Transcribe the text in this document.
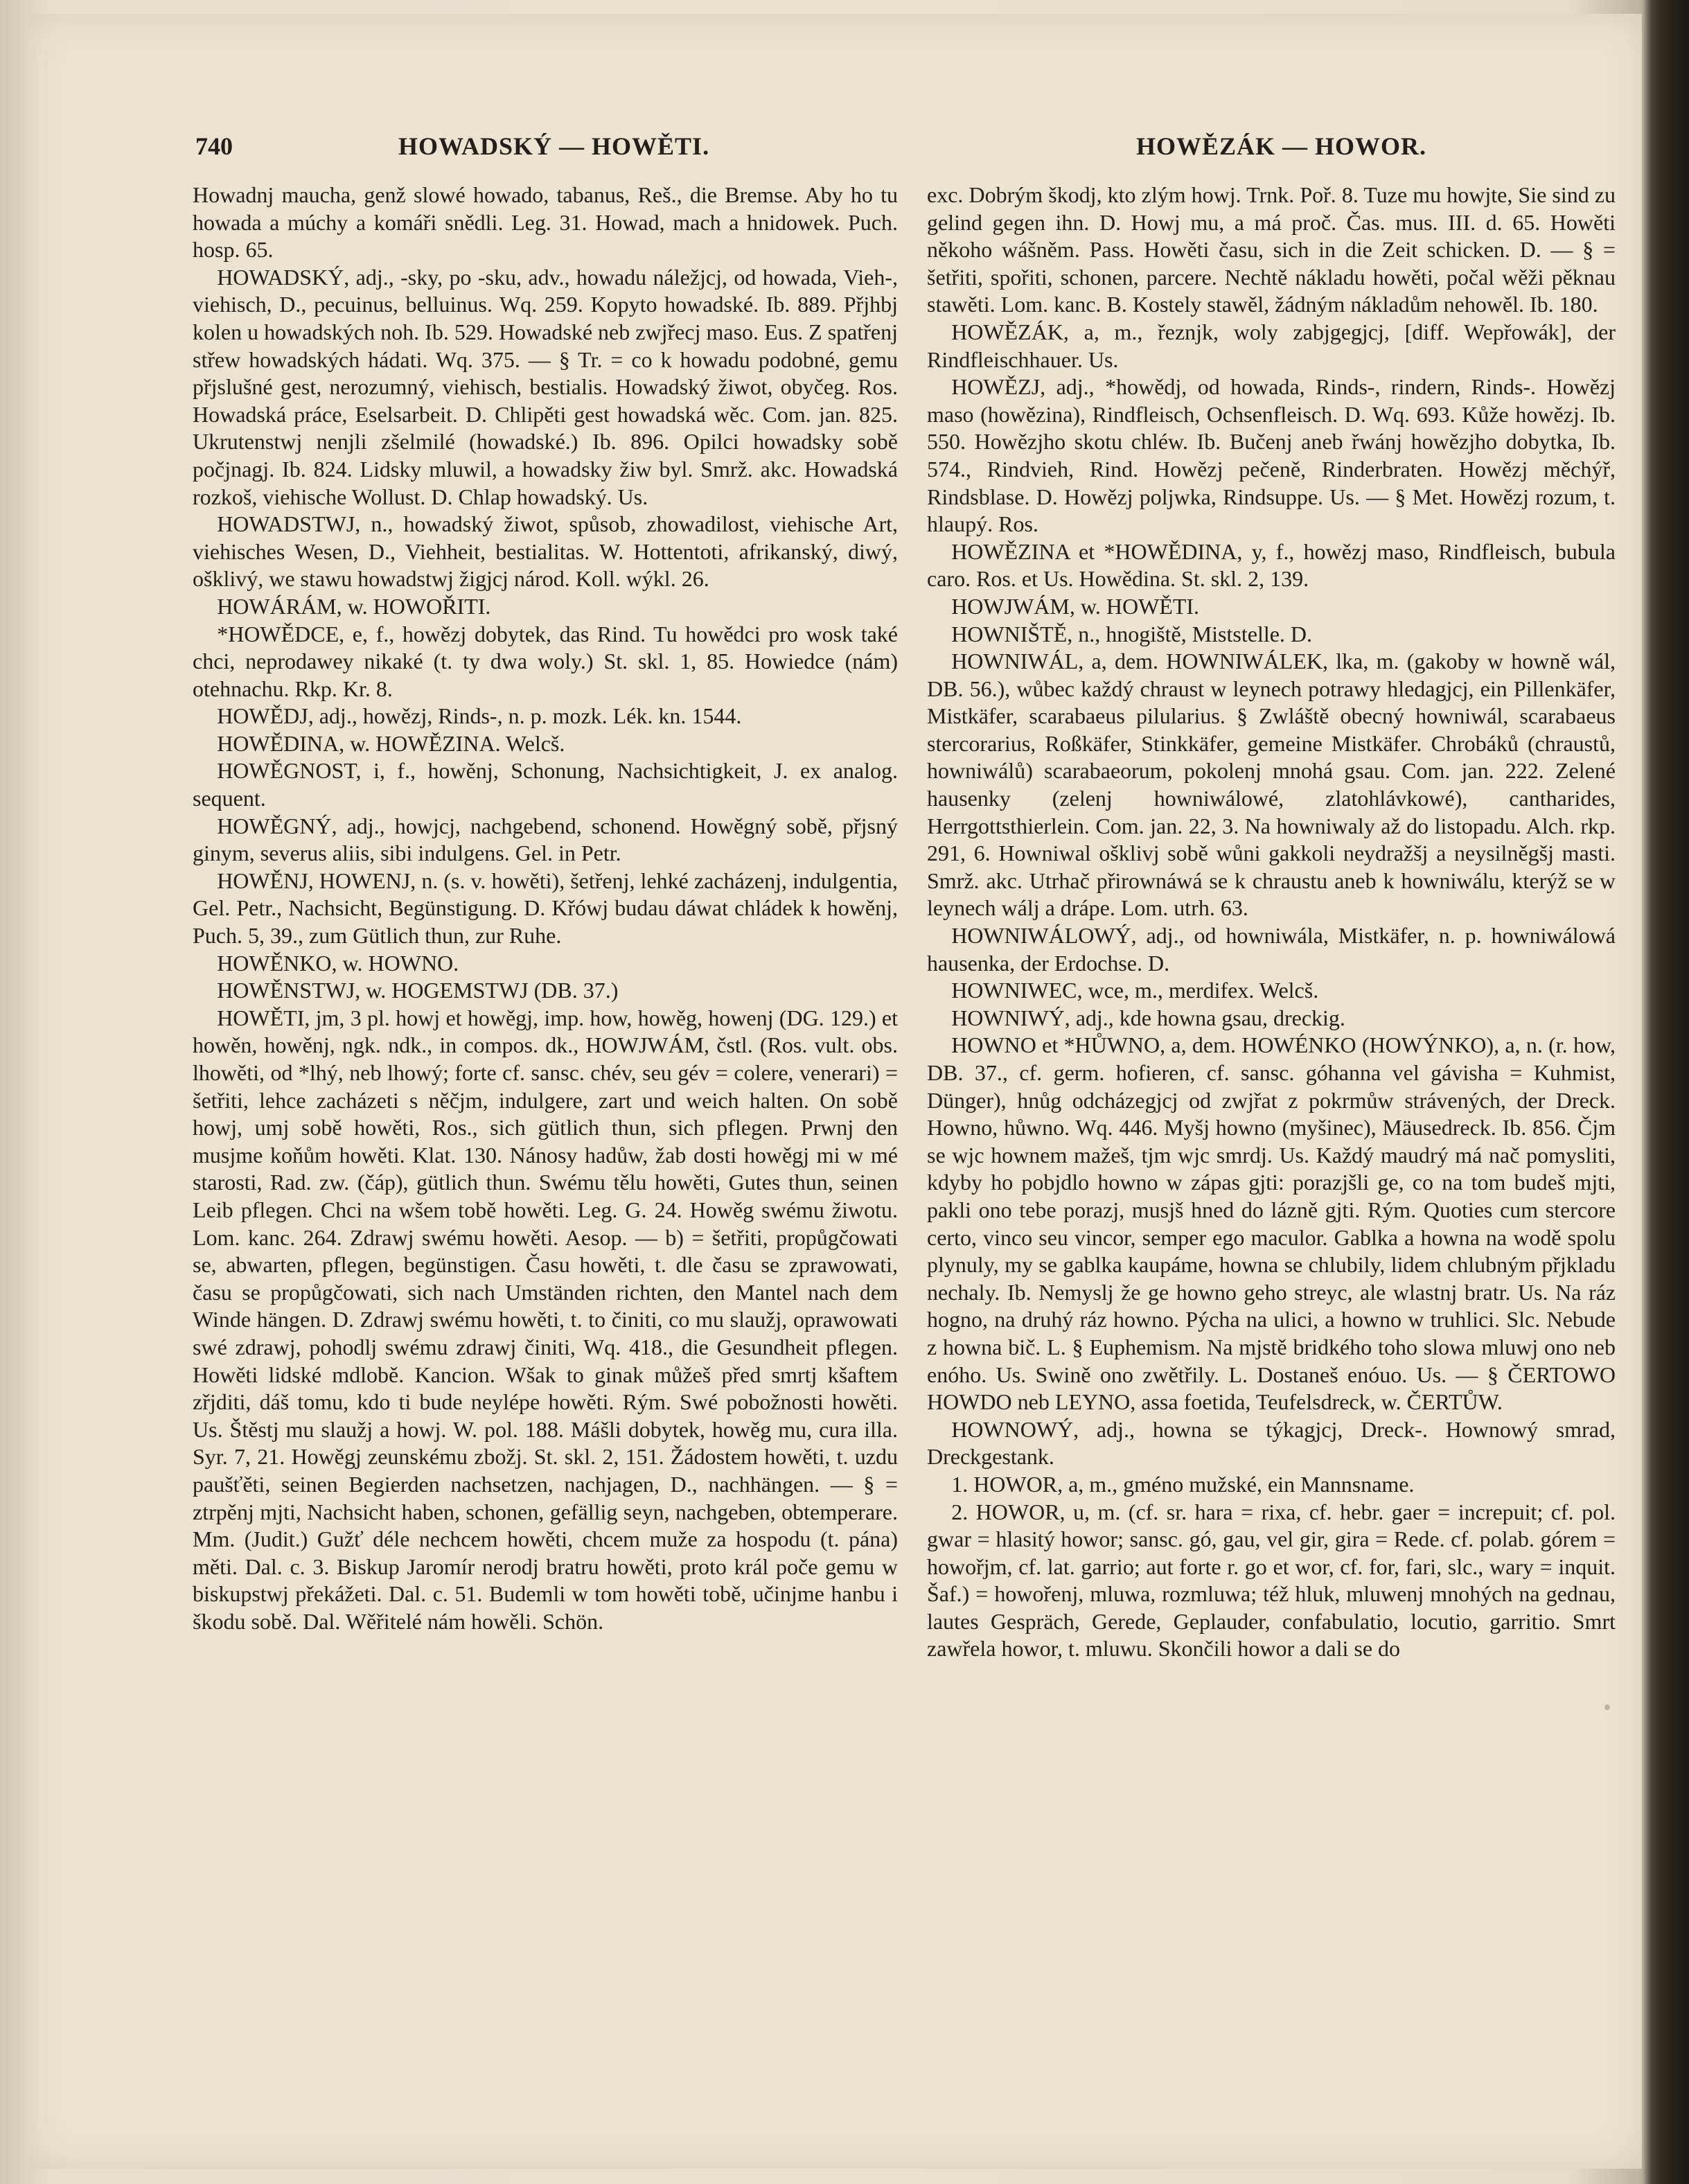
740	HOWADSKÝ — HOWĚTI.	HOWĚZÁK — HOWOR.

Howadnj maucha, genž slowé howado, tabanus, Reš., die Bremse. Aby ho tu howada a múchy a komáři snědli. Leg. 31. Howad, mach a hnidowek. Puch. hosp. 65.

HOWADSKÝ, adj., -sky, po -sku, adv., howadu náležjcj, od howada, Vieh-, viehisch, D., pecuinus, belluinus. Wq. 259. Kopyto howadské. Ib. 889. Přjhbj kolen u howadských noh. Ib. 529. Howadské neb zwjřecj maso. Eus. Z spatřenj střew howadských hádati. Wq. 375. — § Tr. = co k howadu podobné, gemu přjslušné gest, nerozumný, viehisch, bestialis. Howadský žiwot, obyčeg. Ros. Howadská práce, Eselsarbeit. D. Chlipěti gest howadská wěc. Com. jan. 825. Ukrutenstwj nenjli zšelmilé (howadské.) Ib. 896. Opilci howadsky sobě počjnagj. Ib. 824. Lidsky mluwil, a howadsky žiw byl. Smrž. akc. Howadská rozkoš, viehische Wollust. D. Chlap howadský. Us.

HOWADSTWJ, n., howadský žiwot, spůsob, zhowadilost, viehische Art, viehisches Wesen, D., Viehheit, bestialitas. W. Hottentoti, afrikanský, diwý, ošklivý, we stawu howadstwj žigjcj národ. Koll. wýkl. 26.

HOWÁRÁM, w. HOWOŘITI.

*HOWĚDCE, e, f., howězj dobytek, das Rind. Tu howědci pro wosk také chci, neprodawey nikaké (t. ty dwa woly.) St. skl. 1, 85. Howiedce (nám) otehnachu. Rkp. Kr. 8.

HOWĚDJ, adj., howězj, Rinds-, n. p. mozk. Lék. kn. 1544.

HOWĚDINA, w. HOWĚZINA. Welcš.

HOWĚGNOST, i, f., howěnj, Schonung, Nachsichtigkeit, J. ex analog. sequent.

HOWĚGNÝ, adj., howjcj, nachgebend, schonend. Howěgný sobě, přjsný ginym, severus aliis, sibi indulgens. Gel. in Petr.

HOWĚNJ, HOWENJ, n. (s. v. howěti), šetřenj, lehké zacházenj, indulgentia, Gel. Petr., Nachsicht, Begünstigung. D. Křówj budau dáwat chládek k howěnj, Puch. 5, 39., zum Gütlich thun, zur Ruhe.

HOWĚNKO, w. HOWNO.

HOWĚNSTWJ, w. HOGEMSTWJ (DB. 37.)

HOWĚTI, jm, 3 pl. howj et howěgj, imp. how, howěg, howenj (DG. 129.) et howěn, howěnj, ngk. ndk., in compos. dk., HOWJWÁM, čstl. (Ros. vult. obs. lhowěti, od *lhý, neb lhowý; forte cf. sansc. chév, seu gév = colere, venerari) = šetřiti, lehce zacházeti s něčjm, indulgere, zart und weich halten. On sobě howj, umj sobě howěti, Ros., sich gütlich thun, sich pflegen. Prwnj den musjme koňům howěti. Klat. 130. Nánosy hadůw, žab dosti howěgj mi w mé starosti, Rad. zw. (čáp), gütlich thun. Swému tělu howěti, Gutes thun, seinen Leib pflegen. Chci na wšem tobě howěti. Leg. G. 24. Howěg swému žiwotu. Lom. kanc. 264. Zdrawj swému howěti. Aesop. — b) = šetřiti, propůgčowati se, abwarten, pflegen, begünstigen. Času howěti, t. dle času se zprawowati, času se propůgčowati, sich nach Umständen richten, den Mantel nach dem Winde hängen. D. Zdrawj swému howěti, t. to činiti, co mu slaužj, oprawowati swé zdrawj, pohodlj swému zdrawj činiti, Wq. 418., die Gesundheit pflegen. Howěti lidské mdlobě. Kancion. Wšak to ginak můžeš před smrtj kšaftem zřjditi, dáš tomu, kdo ti bude neylépe howěti. Rým. Swé pobožnosti howěti. Us. Štěstj mu slaužj a howj. W. pol. 188. Mášli dobytek, howěg mu, cura illa. Syr. 7, 21. Howěgj zeunskému zbožj. St. skl. 2, 151. Žádostem howěti, t. uzdu paušťěti, seinen Begierden nachsetzen, nachjagen, D., nachhängen. — § = ztrpěnj mjti, Nachsicht haben, schonen, gefällig seyn, nachgeben, obtemperare. Mm. (Judit.) Gužť déle nechcem howěti, chcem muže za hospodu (t. pána) měti. Dal. c. 3. Biskup Jaromír nerodj bratru howěti, proto král poče gemu w biskupstwj překážeti. Dal. c. 51. Budemli w tom howěti tobě, učinjme hanbu i škodu sobě. Dal. Wěřitelé nám howěli. Schön.

exc. Dobrým škodj, kto zlým howj. Trnk. Poř. 8. Tuze mu howjte, Sie sind zu gelind gegen ihn. D. Howj mu, a má proč. Čas. mus. III. d. 65. Howěti někoho wášněm. Pass. Howěti času, sich in die Zeit schicken. D. — § = šetřiti, spořiti, schonen, parcere. Nechtě nákladu howěti, počal wěži pěknau stawěti. Lom. kanc. B. Kostely stawěl, žádným nákladům nehowěl. Ib. 180.

HOWĚZÁK, a, m., řeznjk, woly zabjgegjcj, [diff. Wepřowák], der Rindfleischhauer. Us.

HOWĚZJ, adj., *howědj, od howada, Rinds-, rindern, Rinds-. Howězj maso (howězina), Rindfleisch, Ochsenfleisch. D. Wq. 693. Kůže howězj. Ib. 550. Howězjho skotu chléw. Ib. Bučenj aneb řwánj howězjho dobytka, Ib. 574., Rindvieh, Rind. Howězj pečeně, Rinderbraten. Howězj měchýř, Rindsblase. D. Howězj poljwka, Rindsuppe. Us. — § Met. Howězj rozum, t. hlaupý. Ros.

HOWĚZINA et *HOWĚDINA, y, f., howězj maso, Rindfleisch, bubula caro. Ros. et Us. Howědina. St. skl. 2, 139.

HOWJWÁM, w. HOWĚTI.

HOWNIŠTĚ, n., hnogiště, Miststelle. D.

HOWNIWÁL, a, dem. HOWNIWÁLEK, lka, m. (gakoby w howně wál, DB. 56.), wůbec každý chraust w leynech potrawy hledagjcj, ein Pillenkäfer, Mistkäfer, scarabaeus pilularius. § Zwláště obecný howniwál, scarabaeus stercorarius, Roßkäfer, Stinkkäfer, gemeine Mistkäfer. Chrobáků (chraustů, howniwálů) scarabaeorum, pokolenj mnohá gsau. Com. jan. 222. Zelené hausenky (zelenj howniwálowé, zlatohlávkowé), cantharides, Herrgottsthierlein. Com. jan. 22, 3. Na howniwaly až do listopadu. Alch. rkp. 291, 6. Howniwal ošklivj sobě wůni gakkoli neydražšj a neysilněgšj masti. Smrž. akc. Utrhač přirownáwá se k chraustu aneb k howniwálu, kterýž se w leynech wálj a drápe. Lom. utrh. 63.

HOWNIWÁLOWÝ, adj., od howniwála, Mistkäfer, n. p. howniwálowá hausenka, der Erdochse. D.

HOWNIWEC, wce, m., merdifex. Welcš.

HOWNIWÝ, adj., kde howna gsau, dreckig.

HOWNO et *HŮWNO, a, dem. HOWÉNKO (HOWÝNKO), a, n. (r. how, DB. 37., cf. germ. hofieren, cf. sansc. góhanna vel gávisha = Kuhmist, Dünger), hnůg odcházegjcj od zwjřat z pokrmůw strávených, der Dreck. Howno, hůwno. Wq. 446. Myšj howno (myšinec), Mäusedreck. Ib. 856. Čjm se wjc hownem mažeš, tjm wjc smrdj. Us. Každý maudrý má nač pomysliti, kdyby ho pobjdlo howno w zápas gjti: porazjšli ge, co na tom budeš mjti, pakli ono tebe porazj, musjš hned do lázně gjti. Rým. Quoties cum stercore certo, vinco seu vincor, semper ego maculor. Gablka a howna na wodě spolu plynuly, my se gablka kaupáme, howna se chlubily, lidem chlubným přjkladu nechaly. Ib. Nemyslj že ge howno geho streyc, ale wlastnj bratr. Us. Na ráz hogno, na druhý ráz howno. Pýcha na ulici, a howno w truhlici. Slc. Nebude z howna bič. L. § Euphemism. Na mjstě bridkého toho slowa mluwj ono neb enóho. Us. Swině ono zwětřily. L. Dostaneš enóuo. Us. — § ČERTOWO HOWDO neb LEYNO, assa foetida, Teufelsdreck, w. ČERTŮW.

HOWNOWÝ, adj., howna se týkagjcj, Dreck-. Hownowý smrad, Dreckgestank.

1. HOWOR, a, m., gméno mužské, ein Mannsname.

2. HOWOR, u, m. (cf. sr. hara = rixa, cf. hebr. gaer = increpuit; cf. pol. gwar = hlasitý howor; sansc. gó, gau, vel gir, gira = Rede. cf. polab. górem = howořjm, cf. lat. garrio; aut forte r. go et wor, cf. for, fari, slc., wary = inquit. Šaf.) = howořenj, mluwa, rozmluwa; též hluk, mluwenj mnohých na gednau, lautes Gespräch, Gerede, Geplauder, confabulatio, locutio, garritio. Smrt zawřela howor, t. mluwu. Skončili howor a dali se do
